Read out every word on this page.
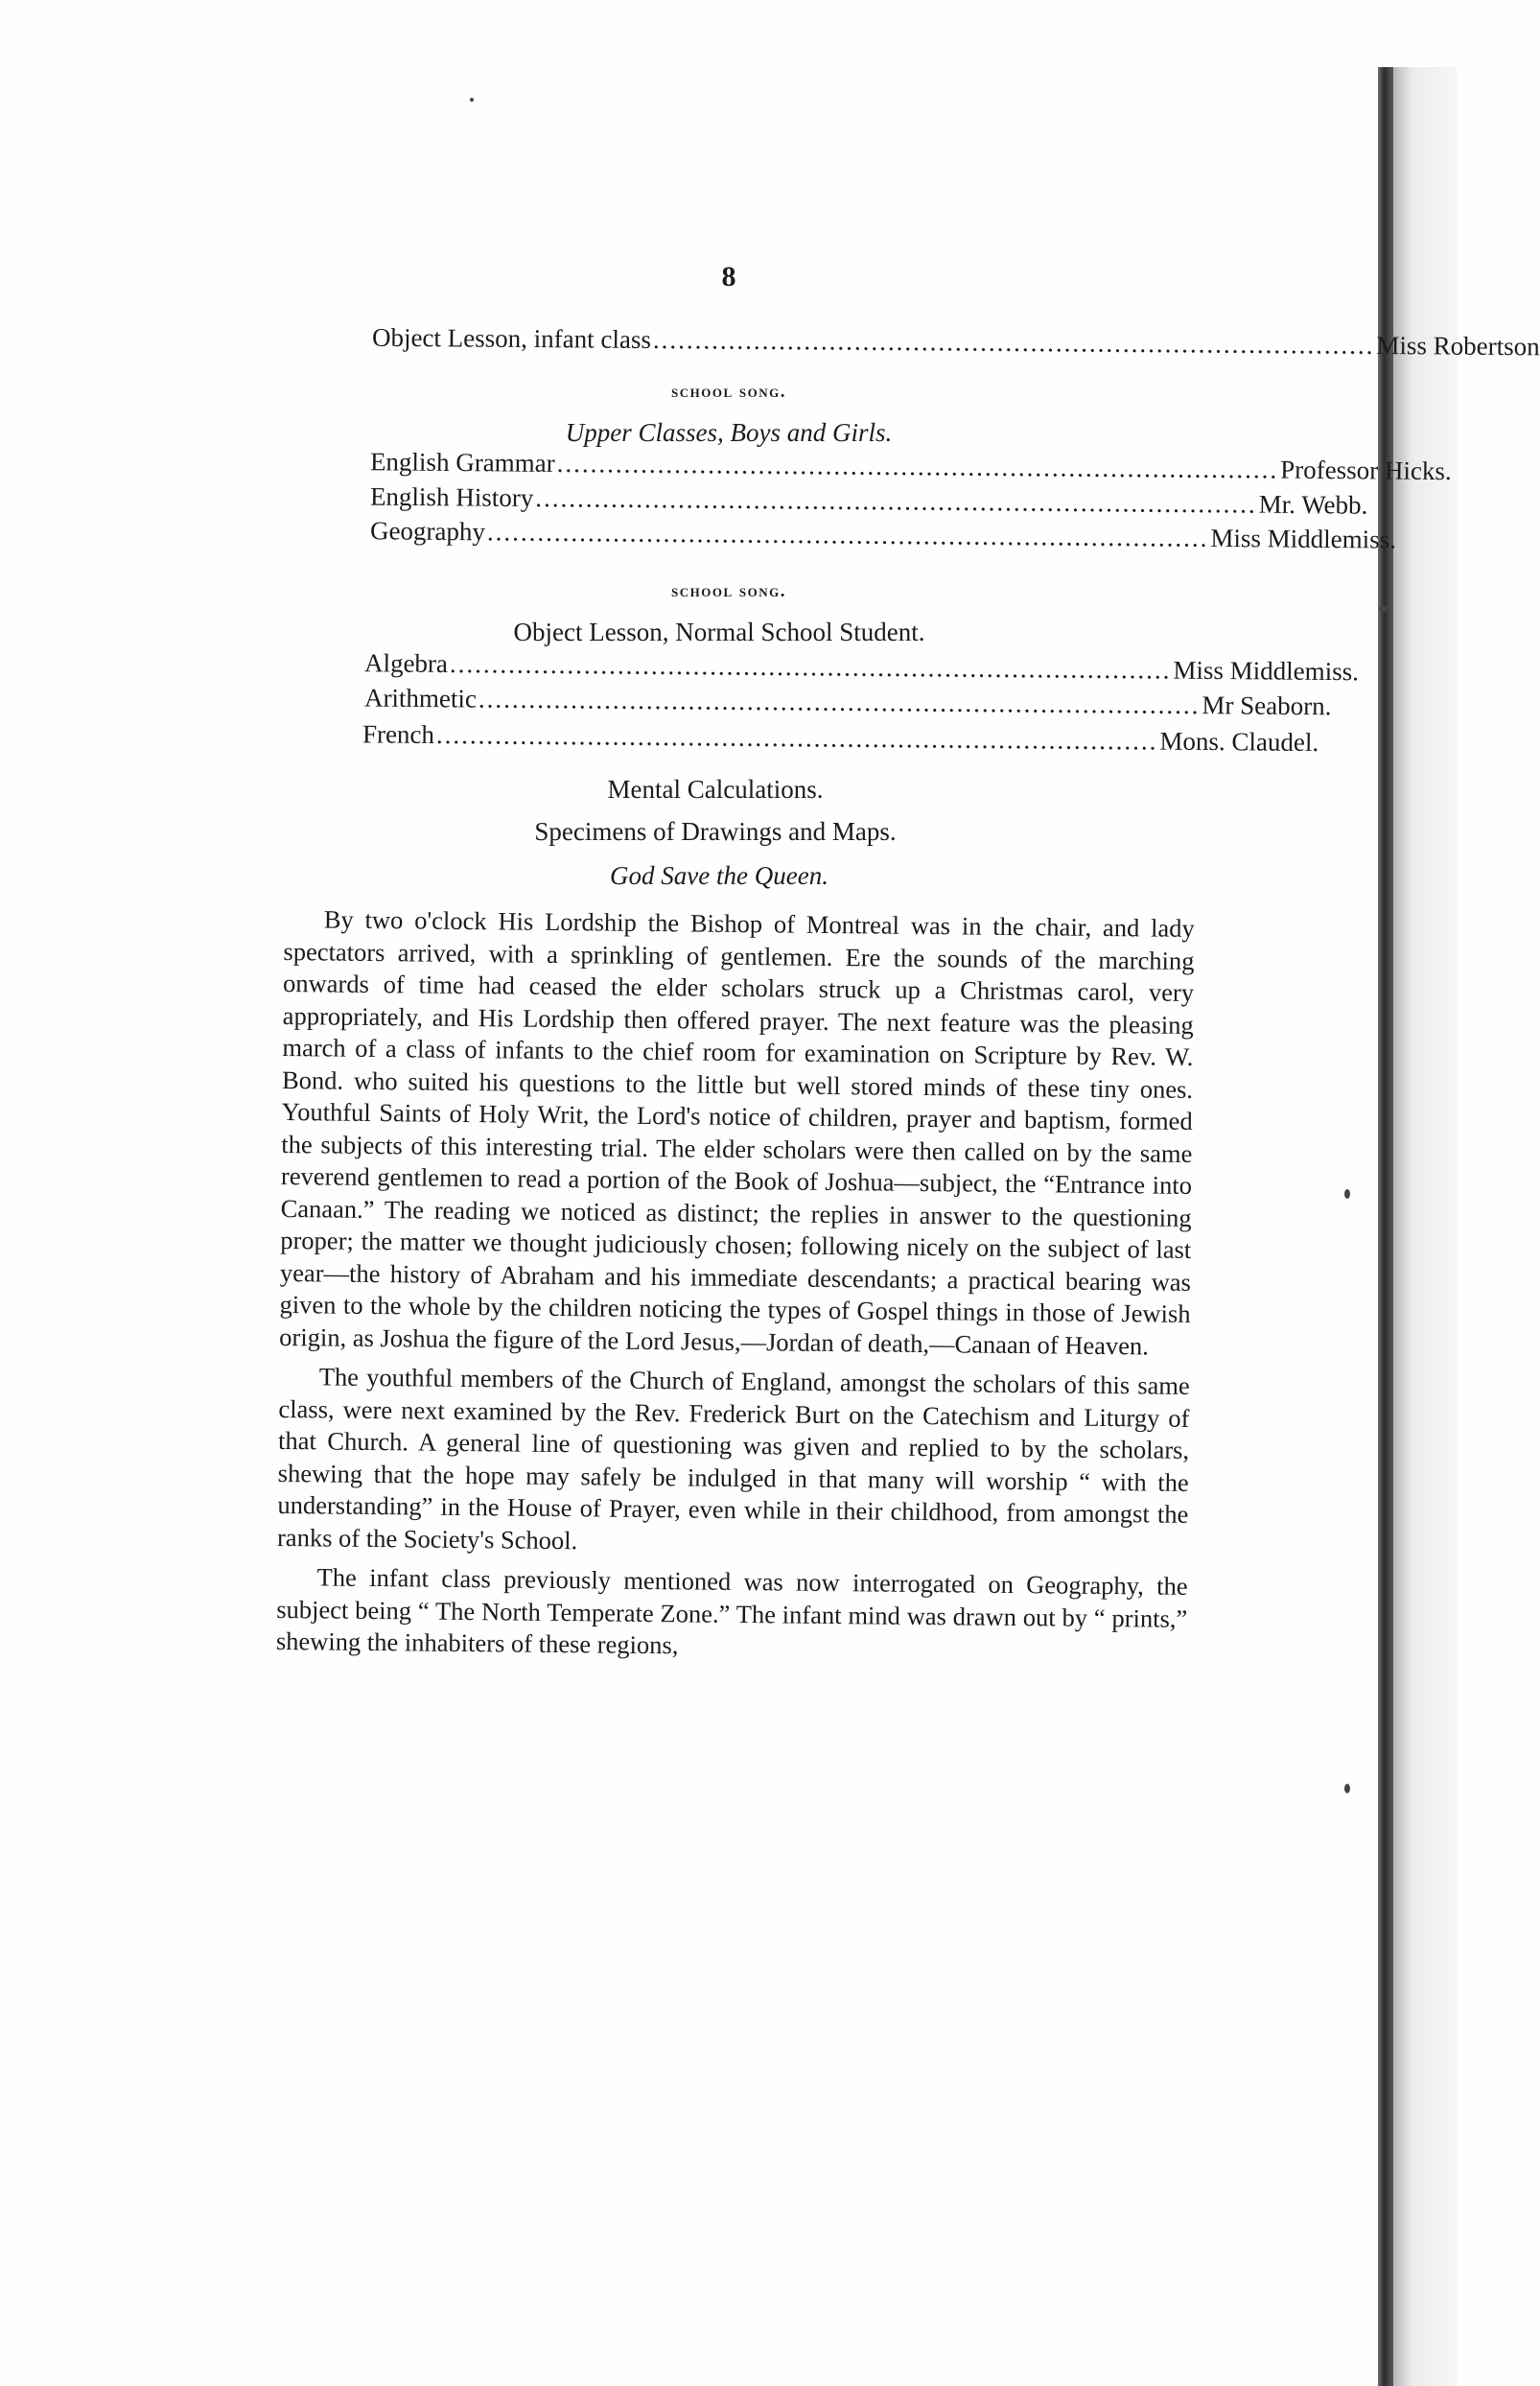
8
Object Lesson, infant class ...................................................................................... Miss Robertson
school song.
Upper Classes, Boys and Girls.
English Grammar ...................................................................................... Professor Hicks.
English History ...................................................................................... Mr. Webb.
Geography ...................................................................................... Miss Middlemiss.
school song.
Object Lesson, Normal School Student.
Algebra ...................................................................................... Miss Middlemiss.
Arithmetic ...................................................................................... Mr Seaborn.
French ...................................................................................... Mons. Claudel.
Mental Calculations.
Specimens of Drawings and Maps.
God Save the Queen.

By two o'clock His Lordship the Bishop of Montreal was in the chair, and lady spectators arrived, with a sprinkling of gentlemen. Ere the sounds of the marching onwards of time had ceased the elder scholars struck up a Christmas carol, very appropriately, and His Lordship then offered prayer. The next feature was the pleasing march of a class of infants to the chief room for examination on Scripture by Rev. W. Bond. who suited his questions to the little but well stored minds of these tiny ones. Youthful Saints of Holy Writ, the Lord's notice of children, prayer and baptism, formed the subjects of this interesting trial. The elder scholars were then called on by the same reverend gentlemen to read a portion of the Book of Joshua—subject, the “Entrance into Canaan.” The reading we noticed as distinct; the replies in answer to the questioning proper; the matter we thought judiciously chosen; following nicely on the subject of last year—the history of Abraham and his immediate descendants; a practical bearing was given to the whole by the children noticing the types of Gospel things in those of Jewish origin, as Joshua the figure of the Lord Jesus,—Jordan of death,—Canaan of Heaven.

The youthful members of the Church of England, amongst the scholars of this same class, were next examined by the Rev. Frederick Burt on the Catechism and Liturgy of that Church. A general line of questioning was given and replied to by the scholars, shewing that the hope may safely be indulged in that many will worship “ with the understanding” in the House of Prayer, even while in their childhood, from amongst the ranks of the Society's School.

The infant class previously mentioned was now interrogated on Geography, the subject being “ The North Temperate Zone.” The infant mind was drawn out by “ prints,” shewing the inhabiters of these regions,
